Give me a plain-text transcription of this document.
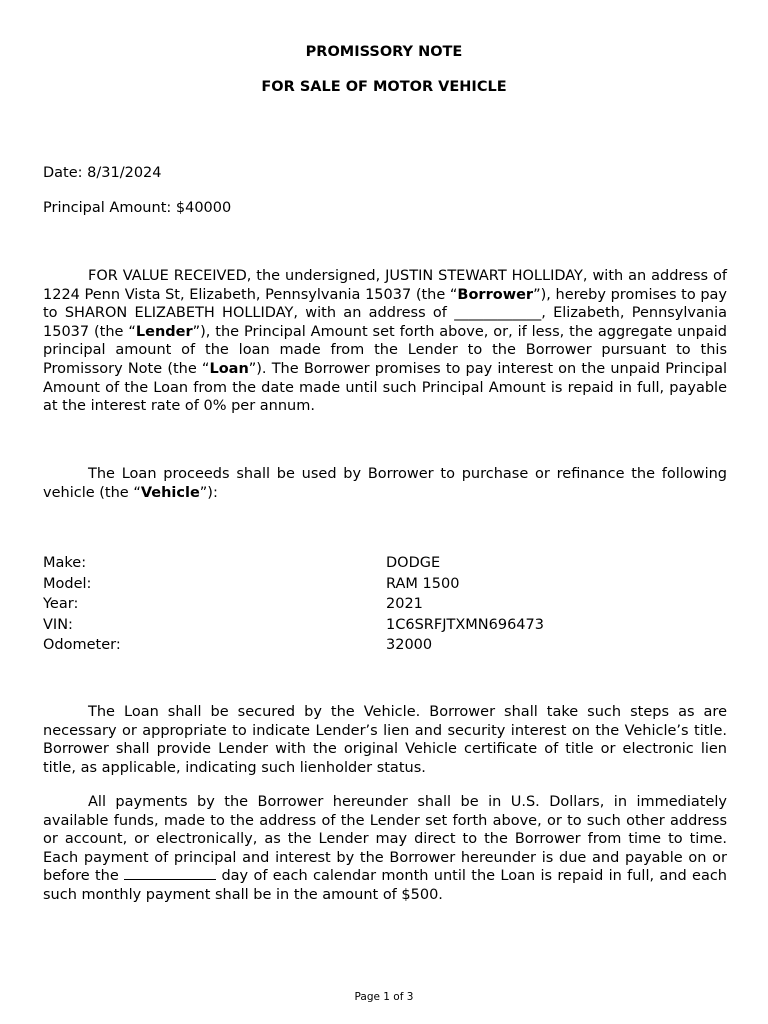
PROMISSORY NOTE
FOR SALE OF MOTOR VEHICLE
Date: 8/31/2024
Principal Amount: $40000

FOR VALUE RECEIVED, the undersigned, JUSTIN STEWART HOLLIDAY, with an address of 1224 Penn Vista St, Elizabeth, Pennsylvania 15037 (the “Borrower”), hereby promises to pay to SHARON ELIZABETH HOLLIDAY, with an address of ____________, Elizabeth, Pennsylvania 15037 (the “Lender”), the Principal Amount set forth above, or, if less, the aggregate unpaid principal amount of the loan made from the Lender to the Borrower pursuant to this Promissory Note (the “Loan”). The Borrower promises to pay interest on the unpaid Principal Amount of the Loan from the date made until such Principal Amount is repaid in full, payable at the interest rate of 0% per annum.

The Loan proceeds shall be used by Borrower to purchase or refinance the following vehicle (the “Vehicle”):

Make:	DODGE
Model:	RAM 1500
Year:	2021
VIN:	1C6SRFJTXMN696473
Odometer:	32000

The Loan shall be secured by the Vehicle. Borrower shall take such steps as are necessary or appropriate to indicate Lender’s lien and security interest on the Vehicle’s title. Borrower shall provide Lender with the original Vehicle certificate of title or electronic lien title, as applicable, indicating such lienholder status.

All payments by the Borrower hereunder shall be in U.S. Dollars, in immediately available funds, made to the address of the Lender set forth above, or to such other address or account, or electronically, as the Lender may direct to the Borrower from time to time. Each payment of principal and interest by the Borrower hereunder is due and payable on or before the	day of each calendar month until the Loan is repaid in full, and each such monthly payment shall be in the amount of $500.

Page 1 of 3
